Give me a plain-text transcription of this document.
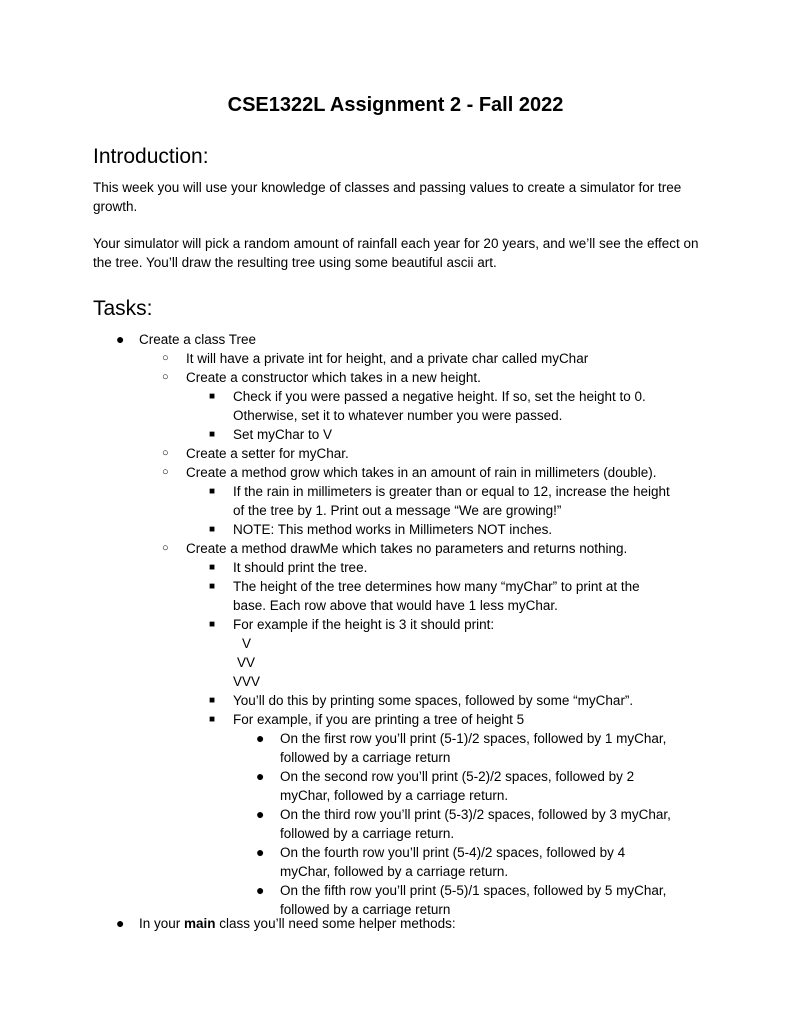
CSE1322L Assignment 2 - Fall 2022
Introduction:
This week you will use your knowledge of classes and passing values to create a simulator for tree growth.
Your simulator will pick a random amount of rainfall each year for 20 years, and we’ll see the effect on the tree. You’ll draw the resulting tree using some beautiful ascii art.
Tasks:
● Create a class Tree
○ It will have a private int for height, and a private char called myChar
○ Create a constructor which takes in a new height.
■ Check if you were passed a negative height. If so, set the height to 0.
Otherwise, set it to whatever number you were passed.
■ Set myChar to V
○ Create a setter for myChar.
○ Create a method grow which takes in an amount of rain in millimeters (double).
■ If the rain in millimeters is greater than or equal to 12, increase the height
of the tree by 1. Print out a message “We are growing!”
■ NOTE: This method works in Millimeters NOT inches.
○ Create a method drawMe which takes no parameters and returns nothing.
■ It should print the tree.
■ The height of the tree determines how many “myChar” to print at the
base. Each row above that would have 1 less myChar.
■ For example if the height is 3 it should print:
V
VV
VVV
■ You’ll do this by printing some spaces, followed by some “myChar”.
■ For example, if you are printing a tree of height 5
● On the first row you’ll print (5-1)/2 spaces, followed by 1 myChar,
followed by a carriage return
● On the second row you’ll print (5-2)/2 spaces, followed by 2
myChar, followed by a carriage return.
● On the third row you’ll print (5-3)/2 spaces, followed by 3 myChar,
followed by a carriage return.
● On the fourth row you’ll print (5-4)/2 spaces, followed by 4
myChar, followed by a carriage return.
● On the fifth row you’ll print (5-5)/1 spaces, followed by 5 myChar,
followed by a carriage return
● In your main class you’ll need some helper methods:
